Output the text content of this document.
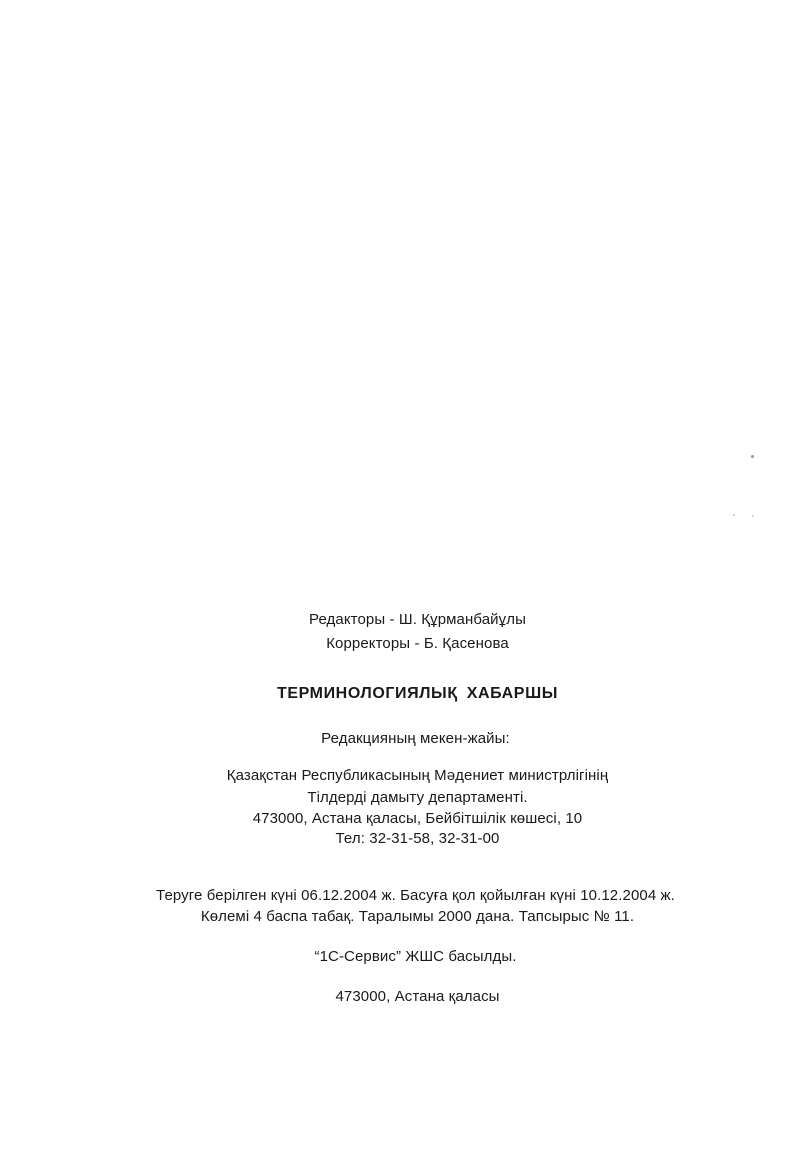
Редакторы - Ш. Құрманбайұлы
Корректоры - Б. Қасенова
ТЕРМИНОЛОГИЯЛЫҚ ХАБАРШЫ
Редакцияның мекен-жайы:
Қазақстан Республикасының Мәдениет министрлігінің
Тілдерді дамыту департаменті.
473000, Астана қаласы, Бейбітшілік көшесі, 10
Тел: 32-31-58, 32-31-00
Теруге берілген күні 06.12.2004 ж. Басуға қол қойылған күні 10.12.2004 ж.
Көлемі 4 баспа табақ. Таралымы 2000 дана. Тапсырыс № 11.
“1С-Сервис” ЖШС басылды.
473000, Астана қаласы
